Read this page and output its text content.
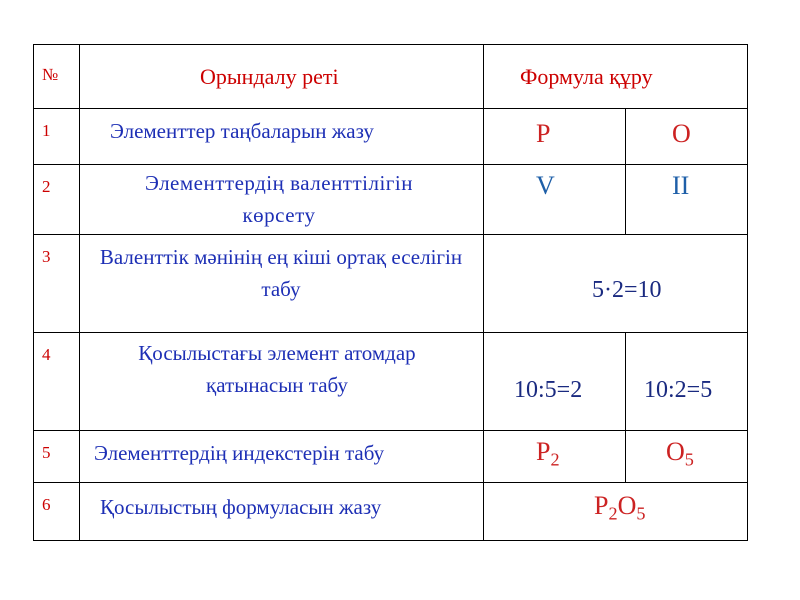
№	Орындалу реті	Формула құру	
1	Элементтер таңбаларын жазу	P	O
2	Элементтердің валенттілігін көрсету	V	II
3	Валенттік мәнінің ең кіші ортақ еселігін табу	5·2=10	
4	Қосылыстағы элемент атомдар қатынасын табу	10:5=2	10:2=5
5	Элементтердің индекстерін табу	$P_2$	$O_5$
6	Қосылыстың формуласын жазу	$P_2O_5$
